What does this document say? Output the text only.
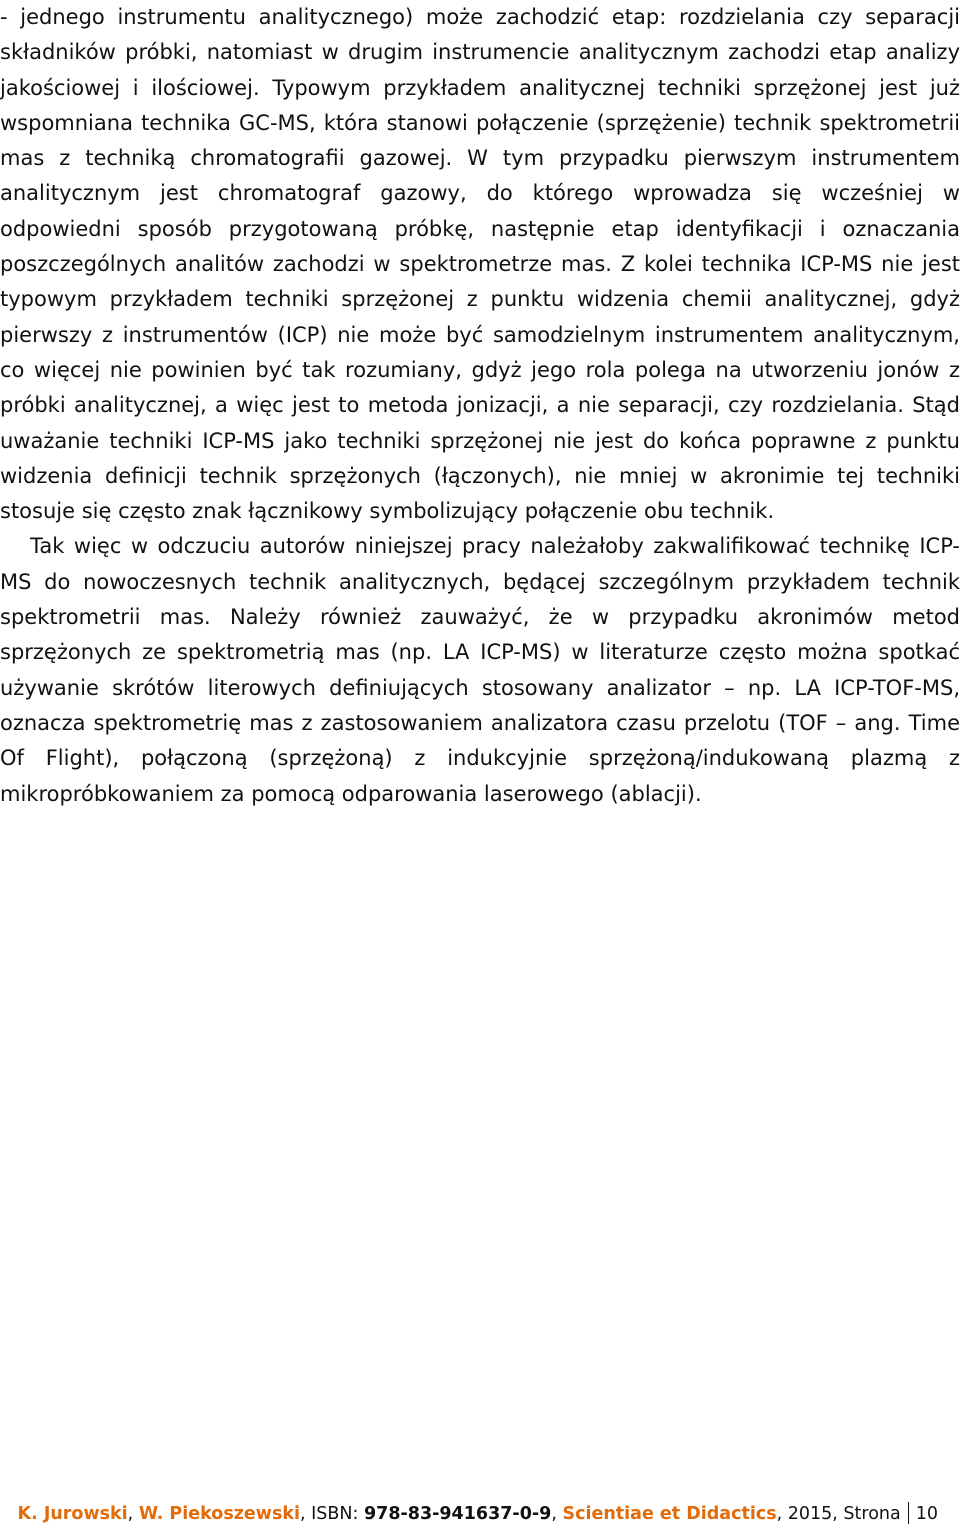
- jednego instrumentu analitycznego) może zachodzić etap: rozdzielania czy separacji składników próbki, natomiast w drugim instrumencie analitycznym zachodzi etap analizy jakościowej i ilościowej. Typowym przykładem analitycznej techniki sprzężonej jest już wspomniana technika GC-MS, która stanowi połączenie (sprzężenie) technik spektrometrii mas z techniką chromatografii gazowej. W tym przypadku pierwszym instrumentem analitycznym jest chromatograf gazowy, do którego wprowadza się wcześniej w odpowiedni sposób przygotowaną próbkę, następnie etap identyfikacji i oznaczania poszczególnych analitów zachodzi w spektrometrze mas. Z kolei technika ICP-MS nie jest typowym przykładem techniki sprzężonej z punktu widzenia chemii analitycznej, gdyż pierwszy z instrumentów (ICP) nie może być samodzielnym instrumentem analitycznym, co więcej nie powinien być tak rozumiany, gdyż jego rola polega na utworzeniu jonów z próbki analitycznej, a więc jest to metoda jonizacji, a nie separacji, czy rozdzielania. Stąd uważanie techniki ICP-MS jako techniki sprzężonej nie jest do końca poprawne z punktu widzenia definicji technik sprzężonych (łączonych), nie mniej w akronimie tej techniki stosuje się często znak łącznikowy symbolizujący połączenie obu technik.

Tak więc w odczuciu autorów niniejszej pracy należałoby zakwalifikować technikę ICP-MS do nowoczesnych technik analitycznych, będącej szczególnym przykładem technik spektrometrii mas. Należy również zauważyć, że w przypadku akronimów metod sprzężonych ze spektrometrią mas (np. LA ICP-MS) w literaturze często można spotkać używanie skrótów literowych definiujących stosowany analizator – np. LA ICP-TOF-MS, oznacza spektrometrię mas z zastosowaniem analizatora czasu przelotu (TOF – ang. Time Of Flight), połączoną (sprzężoną) z indukcyjnie sprzężoną/indukowaną plazmą z mikropróbkowaniem za pomocą odparowania laserowego (ablacji).

K. Jurowski, W. Piekoszewski, ISBN: 978-83-941637-0-9, Scientiae et Didactics, 2015, Strona 10
